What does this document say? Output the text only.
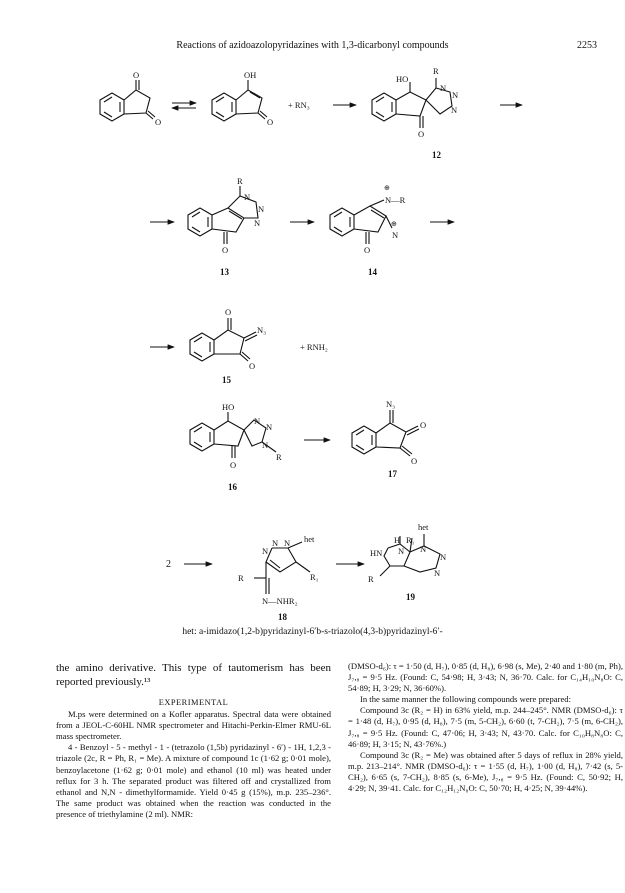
Reactions of azidoazolopyridazines with 1,3-dicarbonyl compounds	2253
O
O
OH
O
+ RN₃
HO
R
N
N
N
O
12
R
N
N
N
O
13
⊕
N—R
⊕
N
O
14
O
N₃
O
+ RNH₂
15
HO
N
N
N
R
O
16
N₃
O
O
17
2
N
N N het
R₁
R
N—NHR₂
18
het
H R₁
HN N N
N
N
R
19
het: a-imidazo(1,2-b)pyridazinyl-6′b-s-triazolo(4,3-b)pyridazinyl-6′-

the amino derivative. This type of tautomerism has been reported previously.¹³

EXPERIMENTAL

M.ps were determined on a Kofler apparatus. Spectral data were obtained from a JEOL-C-60HL NMR spectrometer and Hitachi-Perkin-Elmer RMU-6L mass spectrometer.

4 - Benzoyl - 5 - methyl - 1 - (tetrazolo (1,5b) pyridazinyl - 6′) - 1H, 1,2,3 - triazole (2c, R = Ph, R₁ = Me). A mixture of compound 1c (1·62 g; 0·01 mole), benzoylacetone (1·62 g; 0·01 mole) and ethanol (10 ml) was heated under reflux for 3 h. The separated product was filtered off and crystallized from ethanol and N,N - dimethylformamide. Yield 0·45 g (15%), m.p. 235–236°. The same product was obtained when the reaction was conducted in the presence of triethylamine (2 ml). NMR:

(DMSO-d₆): τ = 1·50 (d, H₇), 0·85 (d, H₈), 6·98 (s, Me), 2·40 and 1·80 (m, Ph), J₇,₈ = 9·5 Hz. (Found: C, 54·98; H, 3·43; N, 36·70. Calc. for C₁₄H₁₀N₈O: C, 54·89; H, 3·29; N, 36·60%).

In the same manner the following compounds were prepared:

Compound 3c (R₂ = H) in 63% yield, m.p. 244–245°. NMR (DMSO-d₆): τ = 1·48 (d, H₇), 0·95 (d, H₈), 7·5 (m, 5-CH₂), 6·60 (t, 7-CH₂), 7·5 (m, 6-CH₂), J₇,₈ = 9·5 Hz. (Found: C, 47·06; H, 3·43; N, 43·70. Calc. for C₁₀H₈N₈O: C, 46·89; H, 3·15; N, 43·76%.)

Compound 3c (R₂ = Me) was obtained after 5 days of reflux in 28% yield, m.p. 213–214°. NMR (DMSO-d₆): τ = 1·55 (d, H₇), 1·00 (d, H₈), 7·42 (s, 5-CH₂), 6·65 (s, 7-CH₂), 8·85 (s, 6-Me), J₇,₈ = 9·5 Hz. (Found: C, 50·92; H, 4·29; N, 39·41. Calc. for C₁₂H₁₂N₈O: C, 50·70; H, 4·25; N, 39·44%).
